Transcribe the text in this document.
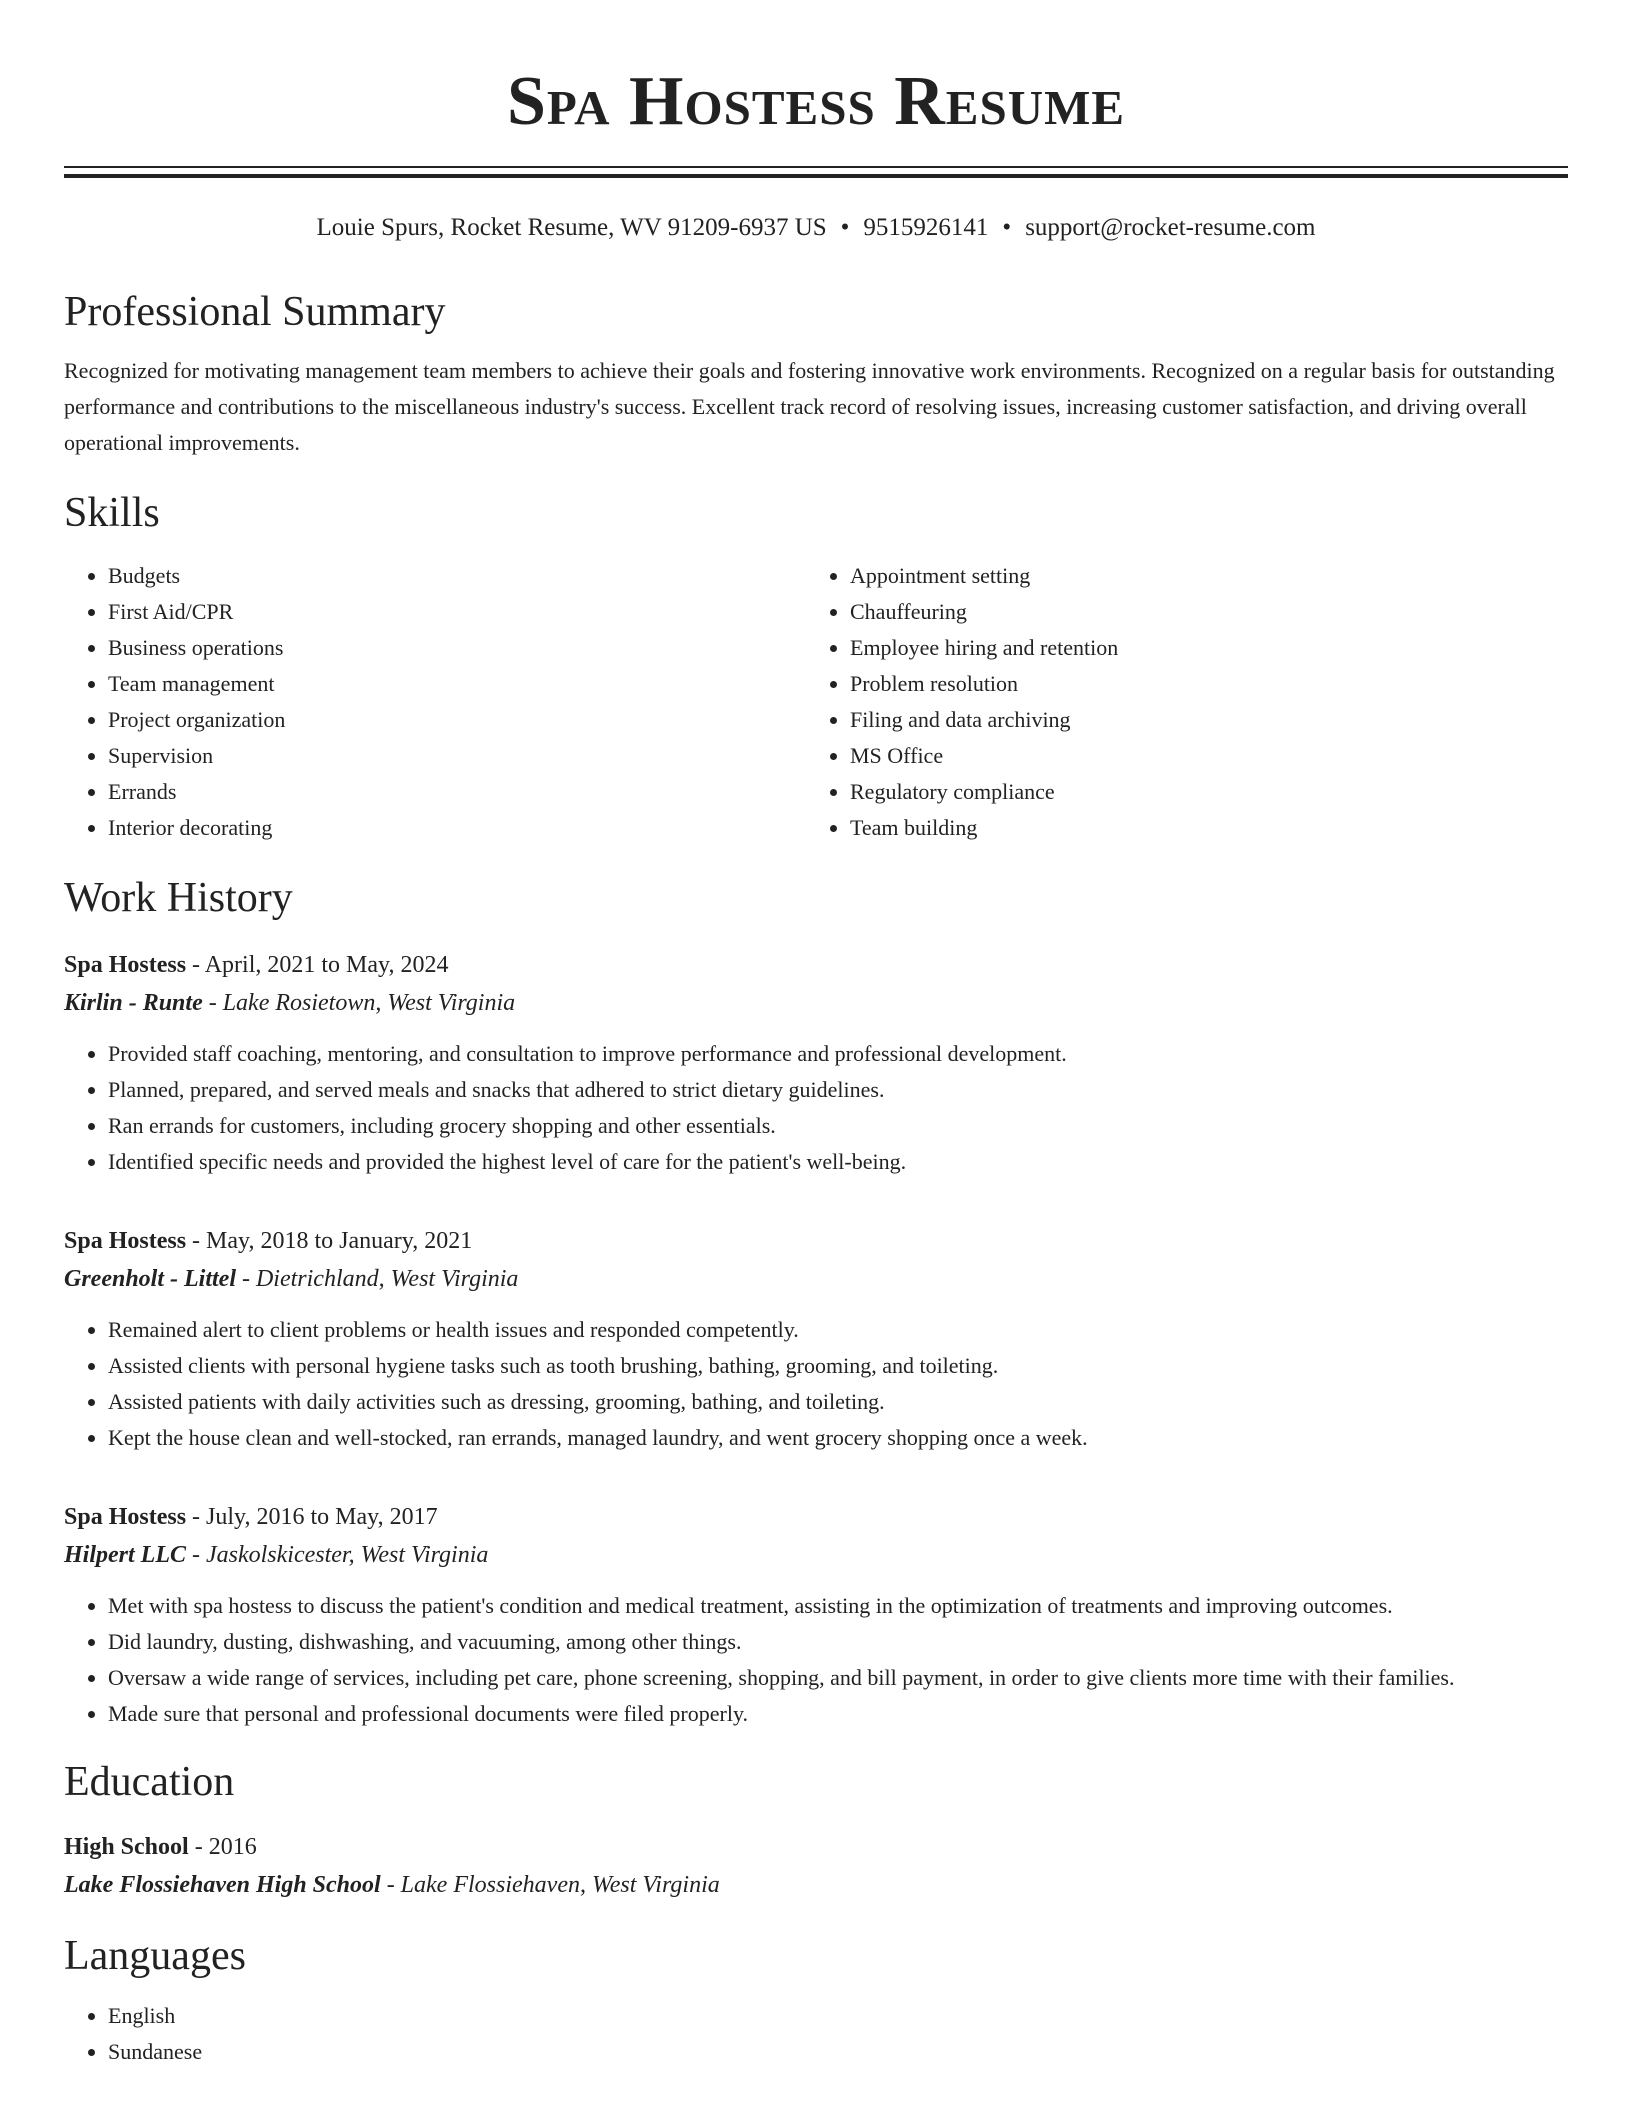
Spa Hostess Resume
Louie Spurs, Rocket Resume, WV 91209-6937 US • 9515926141 • support@rocket-resume.com
Professional Summary
Recognized for motivating management team members to achieve their goals and fostering innovative work environments. Recognized on a regular basis for outstanding performance and contributions to the miscellaneous industry's success. Excellent track record of resolving issues, increasing customer satisfaction, and driving overall operational improvements.
Skills
• Budgets
• First Aid/CPR
• Business operations
• Team management
• Project organization
• Supervision
• Errands
• Interior decorating
• Appointment setting
• Chauffeuring
• Employee hiring and retention
• Problem resolution
• Filing and data archiving
• MS Office
• Regulatory compliance
• Team building
Work History
Spa Hostess - April, 2021 to May, 2024
Kirlin - Runte - Lake Rosietown, West Virginia
• Provided staff coaching, mentoring, and consultation to improve performance and professional development.
• Planned, prepared, and served meals and snacks that adhered to strict dietary guidelines.
• Ran errands for customers, including grocery shopping and other essentials.
• Identified specific needs and provided the highest level of care for the patient's well-being.
Spa Hostess - May, 2018 to January, 2021
Greenholt - Littel - Dietrichland, West Virginia
• Remained alert to client problems or health issues and responded competently.
• Assisted clients with personal hygiene tasks such as tooth brushing, bathing, grooming, and toileting.
• Assisted patients with daily activities such as dressing, grooming, bathing, and toileting.
• Kept the house clean and well-stocked, ran errands, managed laundry, and went grocery shopping once a week.
Spa Hostess - July, 2016 to May, 2017
Hilpert LLC - Jaskolskicester, West Virginia
• Met with spa hostess to discuss the patient's condition and medical treatment, assisting in the optimization of treatments and improving outcomes.
• Did laundry, dusting, dishwashing, and vacuuming, among other things.
• Oversaw a wide range of services, including pet care, phone screening, shopping, and bill payment, in order to give clients more time with their families.
• Made sure that personal and professional documents were filed properly.
Education
High School - 2016
Lake Flossiehaven High School - Lake Flossiehaven, West Virginia
Languages
• English
• Sundanese
